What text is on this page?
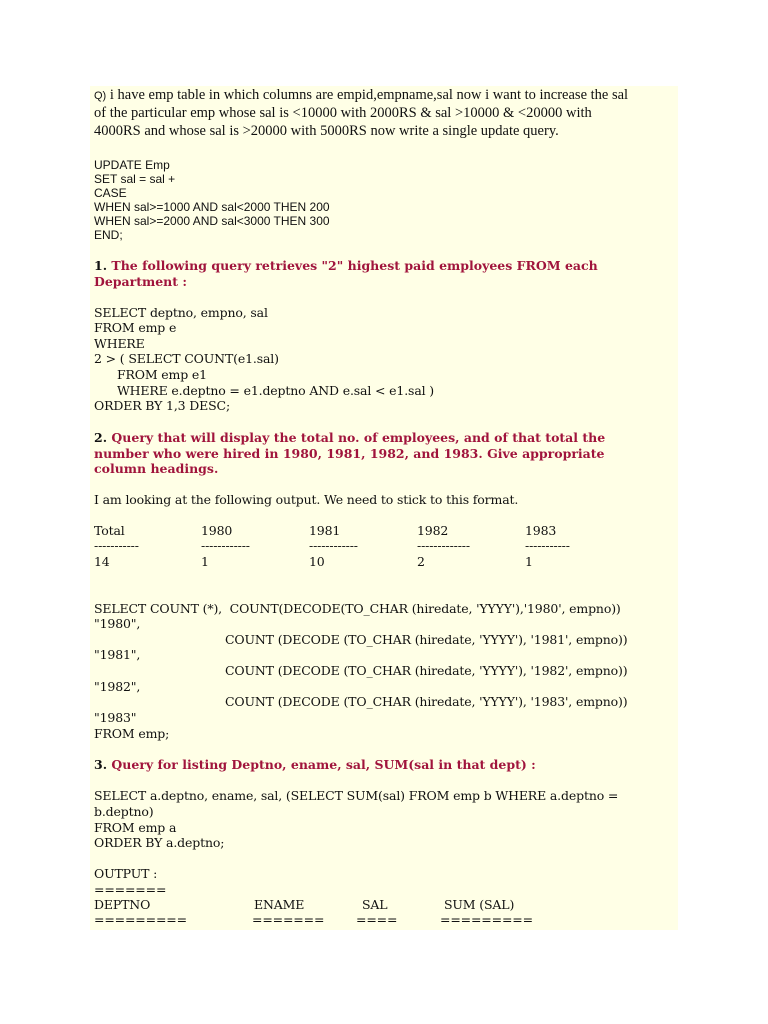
Q) i have emp table in which columns are empid,empname,sal now i want to increase the sal
of the particular emp whose sal is <10000 with 2000RS & sal >10000 & <20000 with
4000RS and whose sal is >20000 with 5000RS now write a single update query.
UPDATE Emp
SET sal = sal +
CASE
WHEN sal>=1000 AND sal<2000 THEN 200
WHEN sal>=2000 AND sal<3000 THEN 300
END;
1. The following query retrieves "2" highest paid employees FROM each
Department :
SELECT deptno, empno, sal
FROM emp e
WHERE
2 > ( SELECT COUNT(e1.sal)
FROM emp e1
WHERE e.deptno = e1.deptno AND e.sal < e1.sal )
ORDER BY 1,3 DESC;
2. Query that will display the total no. of employees, and of that total the
number who were hired in 1980, 1981, 1982, and 1983. Give appropriate
column headings.
I am looking at the following output. We need to stick to this format.
Total	1980	1981	1982	1983
-----------	------------	------------	-------------	-----------
14	1	10	2	1
SELECT COUNT (*),  COUNT(DECODE(TO_CHAR (hiredate, 'YYYY'),'1980', empno))
"1980",
COUNT (DECODE (TO_CHAR (hiredate, 'YYYY'), '1981', empno))
"1981",
COUNT (DECODE (TO_CHAR (hiredate, 'YYYY'), '1982', empno))
"1982",
COUNT (DECODE (TO_CHAR (hiredate, 'YYYY'), '1983', empno))
"1983"
FROM emp;
3. Query for listing Deptno, ename, sal, SUM(sal in that dept) :
SELECT a.deptno, ename, sal, (SELECT SUM(sal) FROM emp b WHERE a.deptno =
b.deptno)
FROM emp a
ORDER BY a.deptno;
OUTPUT :
=======
DEPTNO	ENAME	SAL	SUM (SAL)
=========	=======	====	=========
